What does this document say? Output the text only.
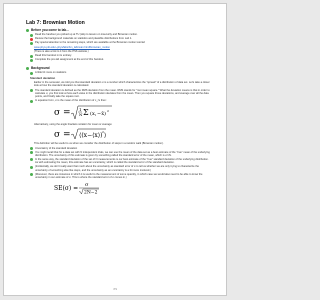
Lab 7: Brownian Motion
Before you come to lab...
Read the handout you picked up at TU (skip to lesson on insecurity and Brownian motion.
Review the background materials on statistics and plausible distributions from Lab 1.
Pay special attention to the remaining steps, which are available at the Brownian motion tutorial:
www.phys.pitt.edu/~phys/labs/bm_lab/main.htm#brownian_motion
(There is also a link to it from the PSS website.)
Read this handout in its entirety.
Complete the pre-lab assignment at the end of this handout.
Background
A little bit more on statistics
Standard deviation
Earlier in the semester, we told you that standard deviation σ is a number which characterizes the "spread" of a distribution of data set. Let's take a closer look at how the standard deviation is calculated.
The standard deviation is defined as the RMS deviation from the mean. RMS stands for "root mean square." What the deviation means is that in order to calculate σ, you first look at how each value in the distribution deviates from the mean. Then you square those deviations, and average over all the data points, and finally take the square root.
In equation form, σ is the mean of the distribution of x_i's then:
σ = 1
N Σ (x i −x̄) 2
Alternatively, using the angle brackets notation for mean or average:
σ = ⟨(x−⟨x⟩) 2 ⟩
This definition will be useful to us when we consider the distribution of steps in a random walk (Brownian motion).
Uncertainty of the standard deviation
You might recall that for a data set with N independent trials, we can use the mean of the data set as a best estimate of the "true" mean of the underlying distribution. The uncertainty of this estimate is given by something called the standard error of the mean, which is σ/√N.
In the same way, the standard deviation of the set of N measurements is our best estimate of the "true" standard deviation of the underlying distribution. As with estimating the mean, this estimate has an uncertainty, which is called the standard error of the standard deviation.
(Incidentally, we don't really want that much about the uncertainty as standard error of σ to tell us whether we are only trying to characterize the uncertainty of something else like steps, and the uncertainty as an uncertainty is a bit more involved.)
(Moreover, there are instances in which it is useful to the measurement of some quantity, in which case we would also need to be able to know the uncertainty in our estimate of σ. This is where the standard error of σ comes in.)
SE(σ) = σ
2N−2
7/1
